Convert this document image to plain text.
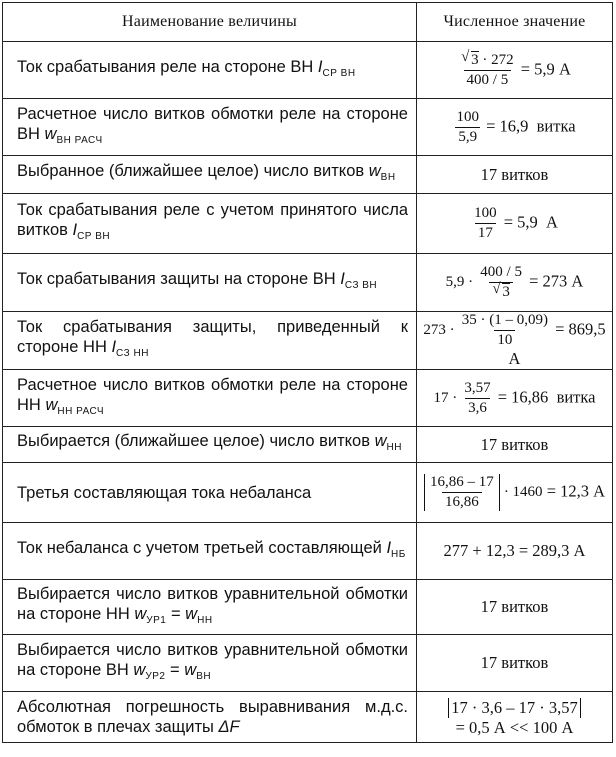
Наименование величины	Численное значение
Ток срабатывания реле на стороне ВН $I_{СР ВН}$	$\frac{√ 3 \cdot 272}{400 / 5} = 5,9$ А
Расчетное число витков обмотки реле на стороне ВН $w_{ВН РАСЧ}$	$\frac{100}{5,9} = 16,9$ витка
Выбранное (ближайшее целое) число витков $w_{ВН}$	17 витков
Ток срабатывания реле с учетом принятого числа витков $I_{СР ВН}$	$\frac{100}{17} = 5,9$ А
Ток срабатывания защиты на стороне ВН $I_{СЗ ВН}$	$5,9 \cdot \frac{400 / 5}{√ 3} = 273$ А
Ток срабатывания защиты, приведенный к стороне НН $I_{СЗ НН}$	$273 \cdot \frac{35 \cdot (1 - 0,09)}{10} = 869,5$ А
Расчетное число витков обмотки реле на стороне НН $w_{НН РАСЧ}$	$17 \cdot \frac{3,57}{3,6} = 16,86$ витка
Выбирается (ближайшее целое) число витков $w_{НН}$	17 витков
Третья составляющая тока небаланса	$\frac{16,86 - 17}{16,86} \cdot 1460 = 12,3$ А
Ток небаланса с учетом третьей составляющей $I_{НБ}$	277 + 12,3 = 289,3 А
Выбирается число витков уравнительной обмотки на стороне НН $w_{УР1} = w_{НН}$	17 витков
Выбирается число витков уравнительной обмотки на стороне ВН $w_{УР2} = w_{ВН}$	17 витков
Абсолютная погрешность выравнивания м.д.с. обмоток в плечах защиты ΔF	17 · 3,6 – 17 · 3,57
= 0,5 А << 100 А
